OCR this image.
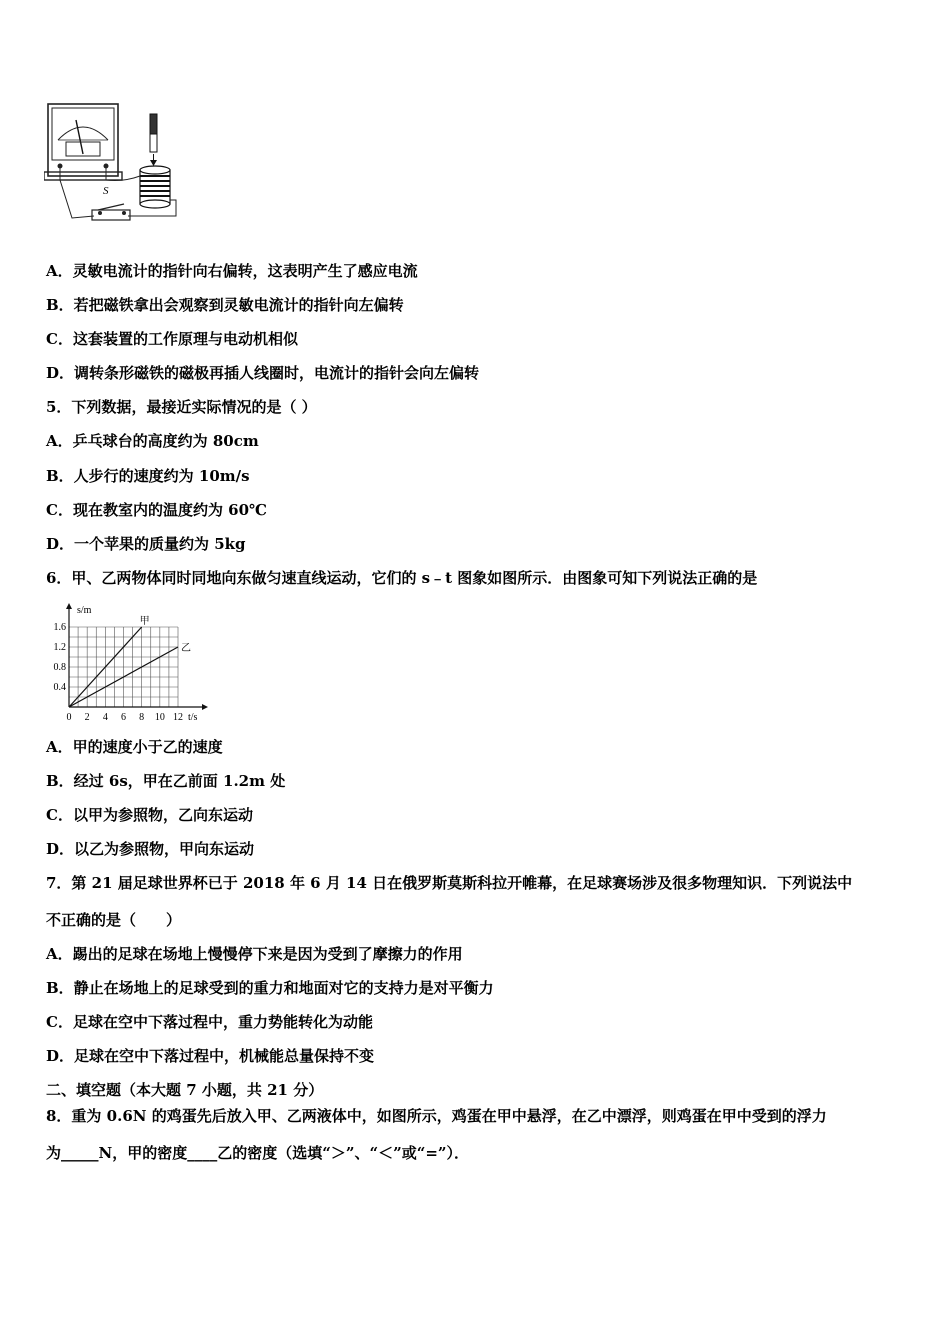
S
A．灵敏电流计的指针向右偏转，这表明产生了感应电流
B．若把磁铁拿出会观察到灵敏电流计的指针向左偏转
C．这套装置的工作原理与电动机相似
D．调转条形磁铁的磁极再插人线圈时，电流计的指针会向左偏转
5．下列数据，最接近实际情况的是（ ）
A．乒乓球台的高度约为 80cm
B．人步行的速度约为 10m/s
C．现在教室内的温度约为 60℃
D．一个苹果的质量约为 5kg
6．甲、乙两物体同时同地向东做匀速直线运动，它们的 s﹣t 图象如图所示．由图象可知下列说法正确的是
0 2 4 6 8 10 12
0.4
0.8
1.2
1.6
t/s
s/m
甲
乙
A．甲的速度小于乙的速度
B．经过 6s，甲在乙前面 1.2m 处
C．以甲为参照物，乙向东运动
D．以乙为参照物，甲向东运动
7．第 21 届足球世界杯已于 2018 年 6 月 14 日在俄罗斯莫斯科拉开帷幕，在足球赛场涉及很多物理知识．下列说法中
不正确的是（　　）
A．踢出的足球在场地上慢慢停下来是因为受到了摩擦力的作用
B．静止在场地上的足球受到的重力和地面对它的支持力是对平衡力
C．足球在空中下落过程中，重力势能转化为动能
D．足球在空中下落过程中，机械能总量保持不变
二、填空题（本大题 7 小题，共 21 分）
8．重为 0.6N 的鸡蛋先后放入甲、乙两液体中，如图所示，鸡蛋在甲中悬浮，在乙中漂浮，则鸡蛋在甲中受到的浮力
为_____N，甲的密度____乙的密度（选填“＞”、“＜”或“=”）．
